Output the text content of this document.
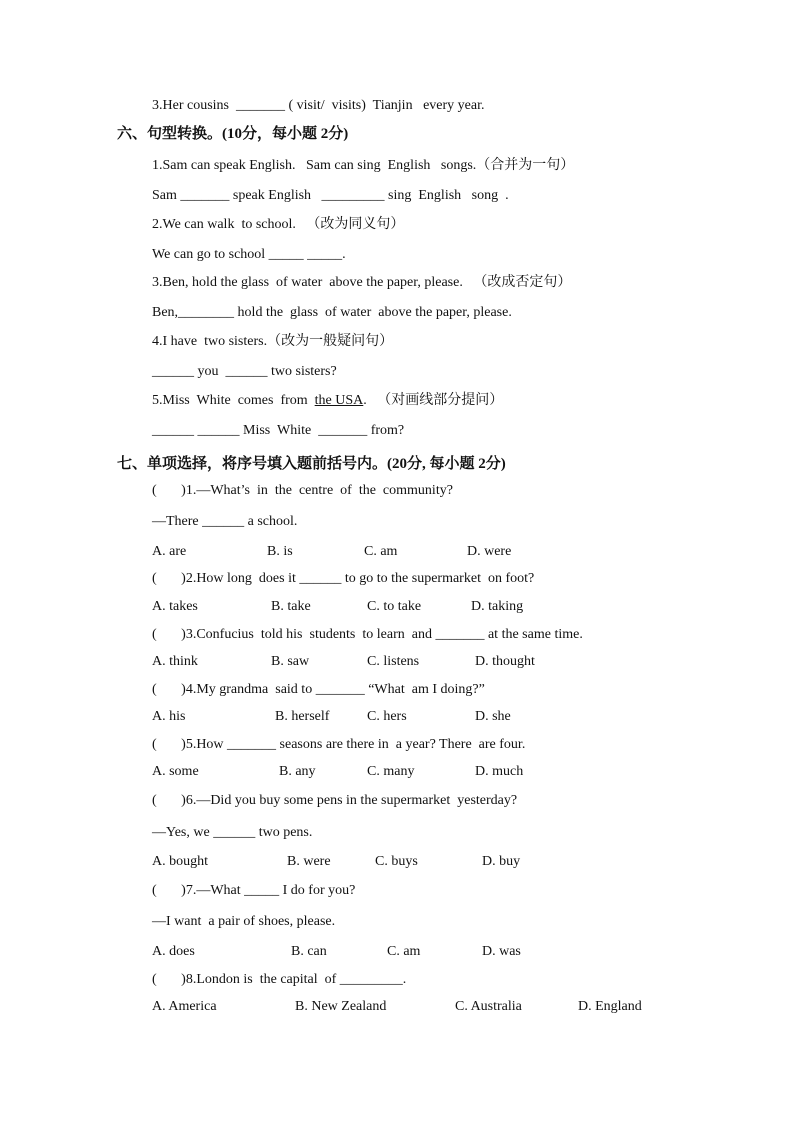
3.Her cousins  _______ ( visit/  visits)  Tianjin   every year.
六、句型转换。(10分，每小题 2分)
1.Sam can speak English.   Sam can sing  English   songs.（合并为一句）
Sam _______ speak English   _________ sing  English   song  .
2.We can walk  to school.   （改为同义句）
We can go to school _____ _____.
3.Ben, hold the glass  of water  above the paper, please.   （改成否定句）
Ben,________ hold the  glass  of water  above the paper, please.
4.I have  two sisters.（改为一般疑问句）
______ you  ______ two sisters?
5.Miss  White  comes  from  the USA.   （对画线部分提问）
______ ______ Miss  White  _______ from?
七、单项选择，将序号填入题前括号内。(20分, 每小题 2分)
(       )1.—What’s  in  the  centre  of  the  community?
—There ______ a school.
A. are	B. is	C. am	D. were
(       )2.How long  does it ______ to go to the supermarket  on foot?
A. takes	B. take	C. to take	D. taking
(       )3.Confucius  told his  students  to learn  and _______ at the same time.
A. think	B. saw	C. listens	D. thought
(       )4.My grandma  said to _______ “What  am I doing?”
A. his	B. herself	C. hers	D. she
(       )5.How _______ seasons are there in  a year? There  are four.
A. some	B. any	C. many	D. much
(       )6.—Did you buy some pens in the supermarket  yesterday?
—Yes, we ______ two pens.
A. bought	B. were	C. buys	D. buy
(       )7.—What _____ I do for you?
—I want  a pair of shoes, please.
A. does	B. can	C. am	D. was
(       )8.London is  the capital  of _________.
A. America	B. New Zealand	C. Australia	D. England
